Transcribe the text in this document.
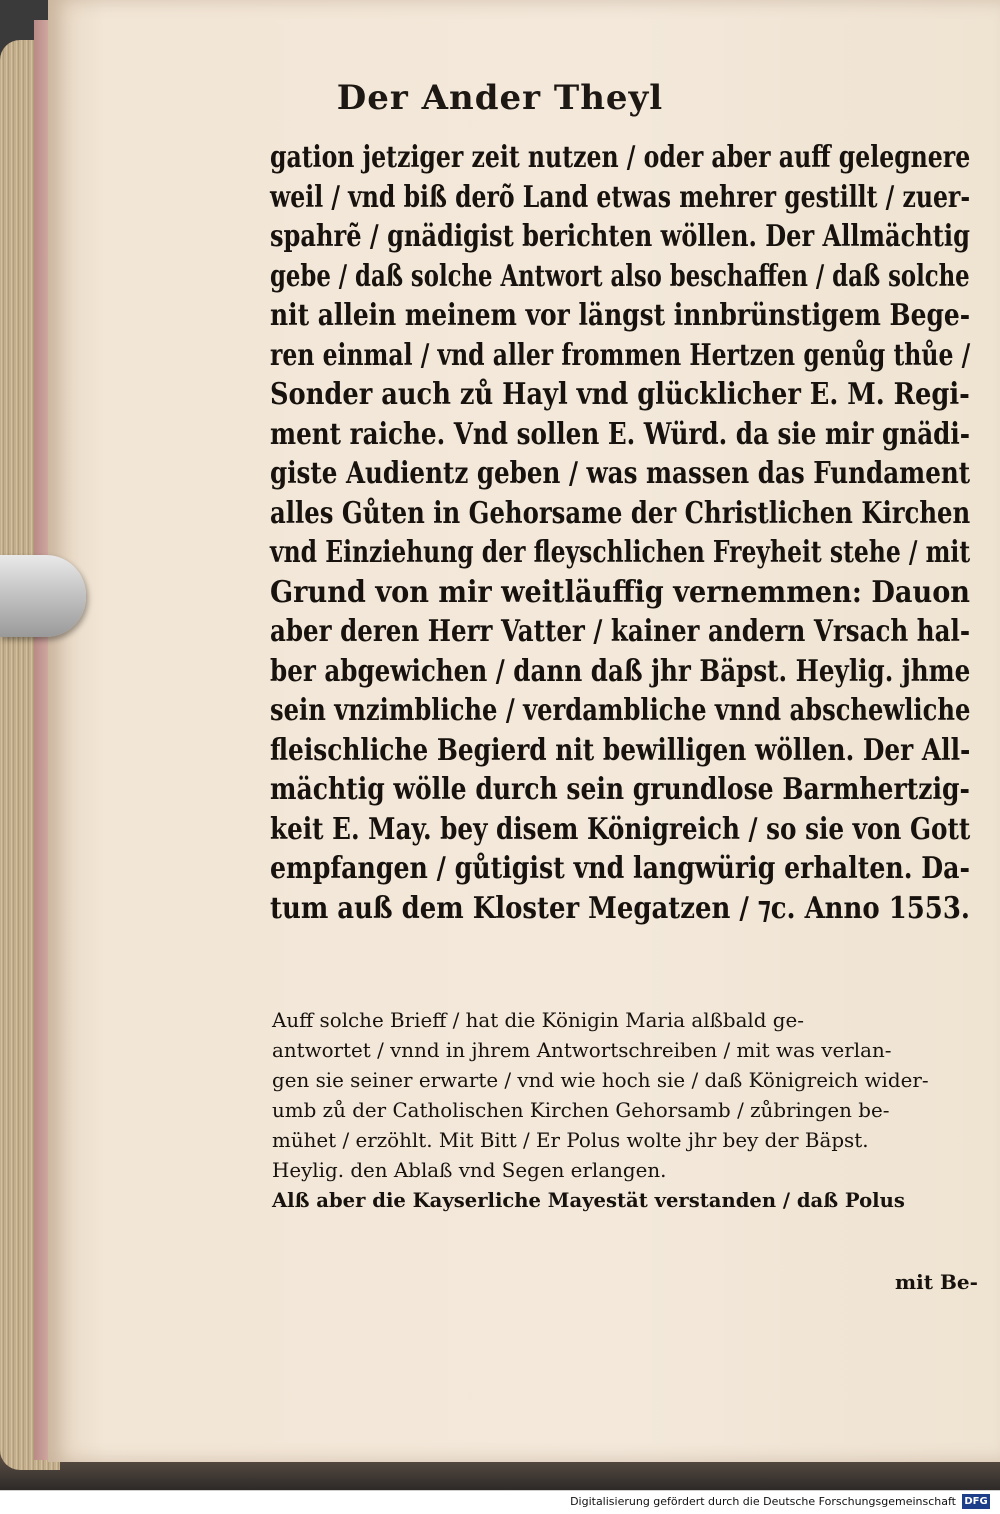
Der Ander Theyl
gation jetziger zeit nutzen / oder aber auff gelegnere
weil / vnd biß derõ Land etwas mehrer gestillt / zuer-
spahrẽ / gnädigist berichten wöllen. Der Allmächtig
gebe / daß solche Antwort also beschaffen / daß solche
nit allein meinem vor längst innbrünstigem Bege-
ren einmal / vnd aller frommen Hertzen genůg thůe /
Sonder auch zů Hayl vnd glücklicher E. M. Regi-
ment raiche. Vnd sollen E. Würd. da sie mir gnädi-
giste Audientz geben / was massen das Fundament
alles Gůten in Gehorsame der Christlichen Kirchen
vnd Einziehung der fleyschlichen Freyheit stehe / mit
Grund von mir weitläuffig vernemmen: Dauon
aber deren Herr Vatter / kainer andern Vrsach hal-
ber abgewichen / dann daß jhr Bäpst. Heylig. jhme
sein vnzimbliche / verdambliche vnnd abschewliche
fleischliche Begierd nit bewilligen wöllen. Der All-
mächtig wölle durch sein grundlose Barmhertzig-
keit E. May. bey disem Königreich / so sie von Gott
empfangen / gůtigist vnd langwürig erhalten. Da-
tum auß dem Kloster Megatzen / ⁊c. Anno 1553.
Auff solche Brieff / hat die Königin Maria alßbald ge-
antwortet / vnnd in jhrem Antwortschreiben / mit was verlan-
gen sie seiner erwarte / vnd wie hoch sie / daß Königreich wider-
umb zů der Catholischen Kirchen Gehorsamb / zůbringen be-
mühet / erzöhlt. Mit Bitt / Er Polus wolte jhr bey der Bäpst.
Heylig. den Ablaß vnd Segen erlangen.
Alß aber die Kayserliche Mayestät verstanden / daß Polus
mit Be-
Digitalisierung gefördert durch die Deutsche Forschungsgemeinschaft DFG
